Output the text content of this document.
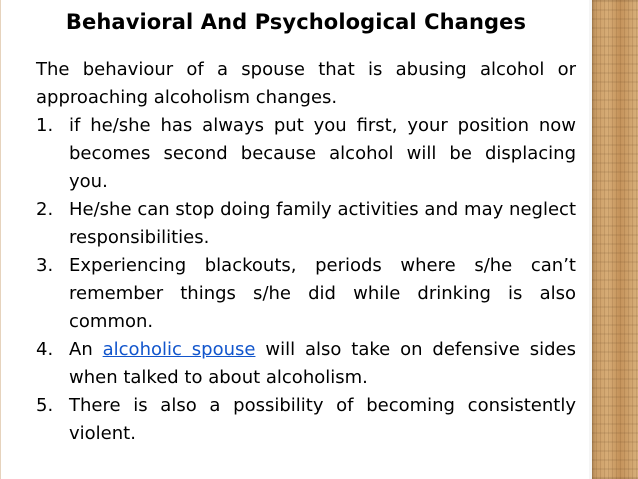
Behavioral And Psychological Changes

The behaviour of a spouse that is abusing alcohol or approaching alcoholism changes.

1. if he/she has always put you first, your position now becomes second because alcohol will be displacing you.
2. He/she can stop doing family activities and may neglect responsibilities.
3. Experiencing blackouts, periods where s/he can’t remember things s/he did while drinking is also common.
4. An alcoholic spouse will also take on defensive sides when talked to about alcoholism.
5. There is also a possibility of becoming consistently violent.
